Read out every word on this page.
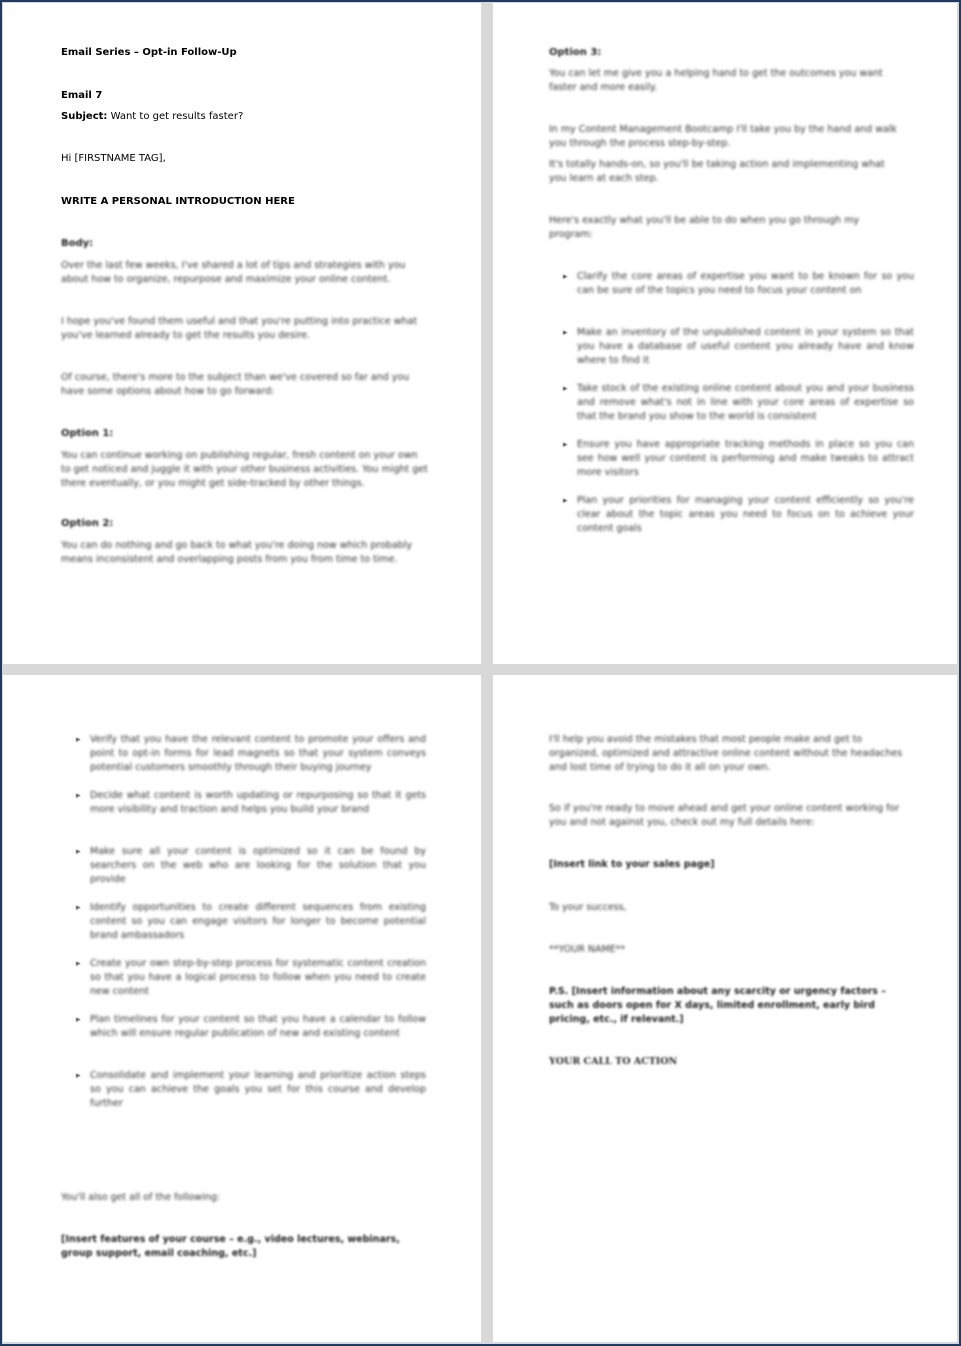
Email Series – Opt-in Follow-Up
Email 7
Subject: Want to get results faster?
Hi [FIRSTNAME TAG],
WRITE A PERSONAL INTRODUCTION HERE
Body:
Over the last few weeks, I've shared a lot of tips and strategies with you about how to organize, repurpose and maximize your online content.
I hope you've found them useful and that you're putting into practice what you've learned already to get the results you desire.
Of course, there's more to the subject than we've covered so far and you have some options about how to go forward:
Option 1:
You can continue working on publishing regular, fresh content on your own to get noticed and juggle it with your other business activities. You might get there eventually, or you might get side-tracked by other things.
Option 2:
You can do nothing and go back to what you're doing now which probably means inconsistent and overlapping posts from you from time to time.
Option 3:
You can let me give you a helping hand to get the outcomes you want faster and more easily.
In my Content Management Bootcamp I'll take you by the hand and walk you through the process step-by-step.
It's totally hands-on, so you'll be taking action and implementing what you learn at each step.
Here's exactly what you'll be able to do when you go through my program:
▸ Clarify the core areas of expertise you want to be known for so you can be sure of the topics you need to focus your content on
▸ Make an inventory of the unpublished content in your system so that you have a database of useful content you already have and know where to find it
▸ Take stock of the existing online content about you and your business and remove what's not in line with your core areas of expertise so that the brand you show to the world is consistent
▸ Ensure you have appropriate tracking methods in place so you can see how well your content is performing and make tweaks to attract more visitors
▸ Plan your priorities for managing your content efficiently so you're clear about the topic areas you need to focus on to achieve your content goals
▸ Verify that you have the relevant content to promote your offers and point to opt-in forms for lead magnets so that your system conveys potential customers smoothly through their buying journey
▸ Decide what content is worth updating or repurposing so that it gets more visibility and traction and helps you build your brand
▸ Make sure all your content is optimized so it can be found by searchers on the web who are looking for the solution that you provide
▸ Identify opportunities to create different sequences from existing content so you can engage visitors for longer to become potential brand ambassadors
▸ Create your own step-by-step process for systematic content creation so that you have a logical process to follow when you need to create new content
▸ Plan timelines for your content so that you have a calendar to follow which will ensure regular publication of new and existing content
▸ Consolidate and implement your learning and prioritize action steps so you can achieve the goals you set for this course and develop further
You'll also get all of the following:
[Insert features of your course – e.g., video lectures, webinars, group support, email coaching, etc.]
I'll help you avoid the mistakes that most people make and get to organized, optimized and attractive online content without the headaches and lost time of trying to do it all on your own.
So if you're ready to move ahead and get your online content working for you and not against you, check out my full details here:
[Insert link to your sales page]
To your success,
**YOUR NAME**
P.S. [Insert information about any scarcity or urgency factors – such as doors open for X days, limited enrollment, early bird pricing, etc., if relevant.]
YOUR CALL TO ACTION
